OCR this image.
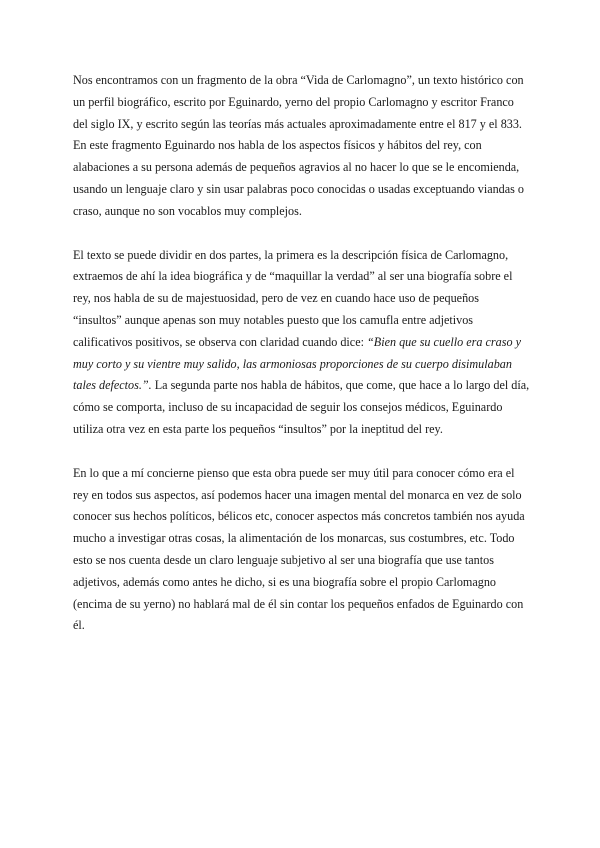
Nos encontramos con un fragmento de la obra “Vida de Carlomagno”, un texto histórico con
un perfil biográfico, escrito por Eguinardo, yerno del propio Carlomagno y escritor Franco
del siglo IX, y escrito según las teorías más actuales aproximadamente entre el 817 y el 833.
En este fragmento Eguinardo nos habla de los aspectos físicos y hábitos del rey, con
alabaciones a su persona además de pequeños agravios al no hacer lo que se le encomienda,
usando un lenguaje claro y sin usar palabras poco conocidas o usadas exceptuando viandas o
craso, aunque no son vocablos muy complejos.

El texto se puede dividir en dos partes, la primera es la descripción física de Carlomagno,
extraemos de ahí la idea biográfica y de “maquillar la verdad” al ser una biografía sobre el
rey, nos habla de su de majestuosidad, pero de vez en cuando hace uso de pequeños
“insultos” aunque apenas son muy notables puesto que los camufla entre adjetivos
calificativos positivos, se observa con claridad cuando dice: “Bien que su cuello era craso y
muy corto y su vientre muy salido, las armoniosas proporciones de su cuerpo disimulaban
tales defectos.”. La segunda parte nos habla de hábitos, que come, que hace a lo largo del día,
cómo se comporta, incluso de su incapacidad de seguir los consejos médicos, Eguinardo
utiliza otra vez en esta parte los pequeños “insultos” por la ineptitud del rey.

En lo que a mí concierne pienso que esta obra puede ser muy útil para conocer cómo era el
rey en todos sus aspectos, así podemos hacer una imagen mental del monarca en vez de solo
conocer sus hechos políticos, bélicos etc, conocer aspectos más concretos también nos ayuda
mucho a investigar otras cosas, la alimentación de los monarcas, sus costumbres, etc. Todo
esto se nos cuenta desde un claro lenguaje subjetivo al ser una biografía que use tantos
adjetivos, además como antes he dicho, si es una biografía sobre el propio Carlomagno
(encima de su yerno) no hablará mal de él sin contar los pequeños enfados de Eguinardo con
él.
